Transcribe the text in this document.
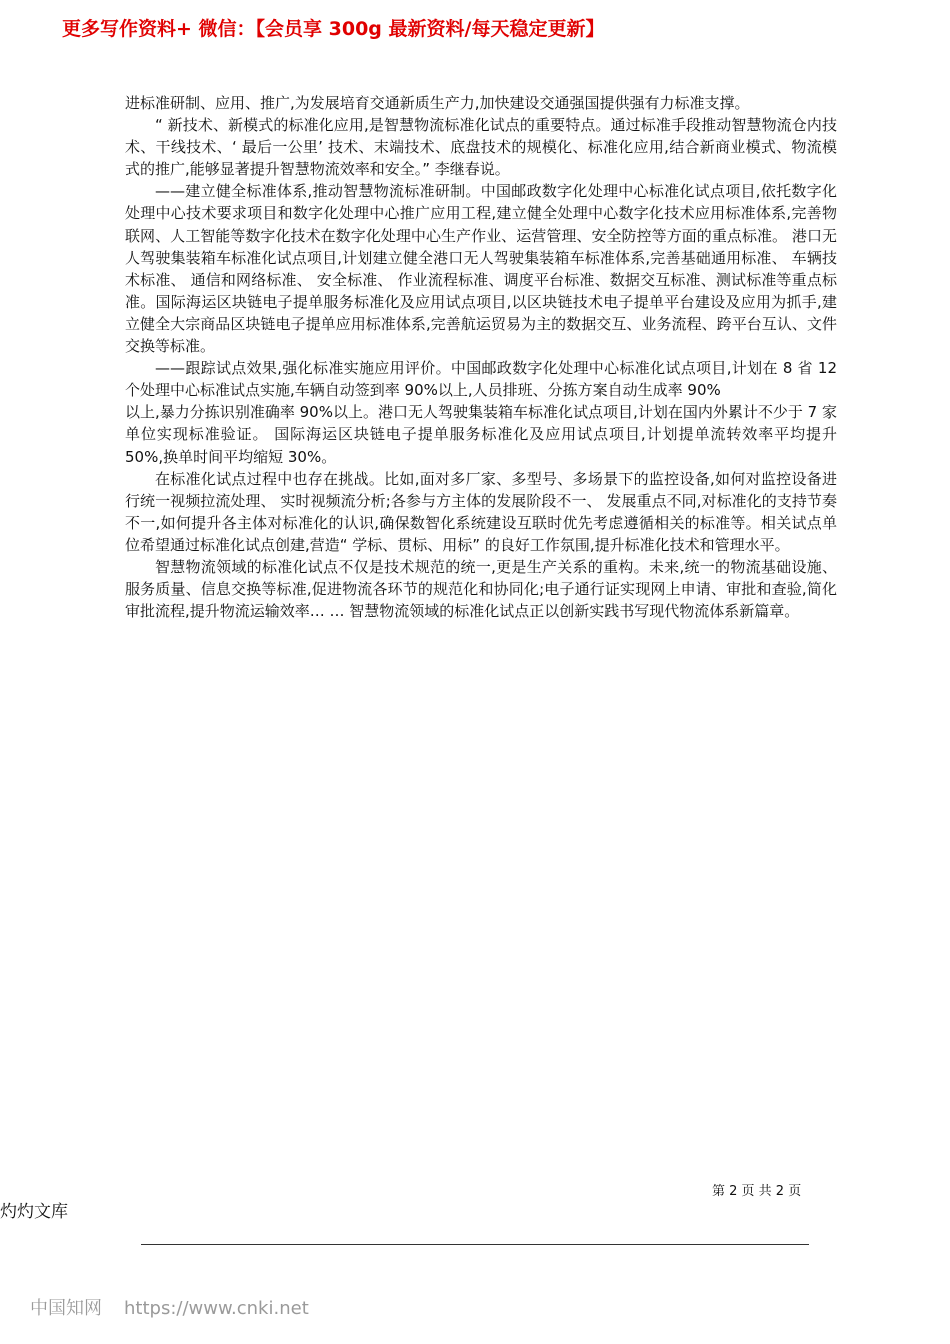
更多写作资料+ 微信：【会员享 300g 最新资料/每天稳定更新】

进标准研制、应用、推广,为发展培育交通新质生产力,加快建设交通强国提供强有力标准支撑。

“ 新技术、新模式的标准化应用,是智慧物流标准化试点的重要特点。通过标准手段推动智慧物流仓内技术、干线技术、‘ 最后一公里’ 技术、末端技术、底盘技术的规模化、标准化应用,结合新商业模式、物流模式的推广,能够显著提升智慧物流效率和安全。” 李继春说。

——建立健全标准体系,推动智慧物流标准研制。中国邮政数字化处理中心标准化试点项目,依托数字化处理中心技术要求项目和数字化处理中心推广应用工程,建立健全处理中心数字化技术应用标准体系,完善物联网、人工智能等数字化技术在数字化处理中心生产作业、运营管理、安全防控等方面的重点标准。 港口无人驾驶集装箱车标准化试点项目,计划建立健全港口无人驾驶集装箱车标准体系,完善基础通用标准、 车辆技术标准、 通信和网络标准、 安全标准、 作业流程标准、调度平台标准、数据交互标准、测试标准等重点标准。国际海运区块链电子提单服务标准化及应用试点项目,以区块链技术电子提单平台建设及应用为抓手,建立健全大宗商品区块链电子提单应用标准体系,完善航运贸易为主的数据交互、业务流程、跨平台互认、文件交换等标准。

——跟踪试点效果,强化标准实施应用评价。中国邮政数字化处理中心标准化试点项目,计划在 8 省 12 个处理中心标准试点实施,车辆自动签到率 90%以上,人员排班、分拣方案自动生成率 90%

以上,暴力分拣识别准确率 90%以上。港口无人驾驶集装箱车标准化试点项目,计划在国内外累计不少于 7 家单位实现标准验证。 国际海运区块链电子提单服务标准化及应用试点项目,计划提单流转效率平均提升 50%,换单时间平均缩短 30%。

在标准化试点过程中也存在挑战。比如,面对多厂家、多型号、多场景下的监控设备,如何对监控设备进行统一视频拉流处理、 实时视频流分析;各参与方主体的发展阶段不一、 发展重点不同,对标准化的支持节奏不一,如何提升各主体对标准化的认识,确保数智化系统建设互联时优先考虑遵循相关的标准等。相关试点单位希望通过标准化试点创建,营造“ 学标、贯标、用标” 的良好工作氛围,提升标准化技术和管理水平。

智慧物流领域的标准化试点不仅是技术规范的统一,更是生产关系的重构。未来,统一的物流基础设施、服务质量、信息交换等标准,促进物流各环节的规范化和协同化;电子通行证实现网上申请、审批和查验,简化审批流程,提升物流运输效率… … 智慧物流领域的标准化试点正以创新实践书写现代物流体系新篇章。

第 2 页 共 2 页
灼灼文库
中国知网 https://www.cnki.net
